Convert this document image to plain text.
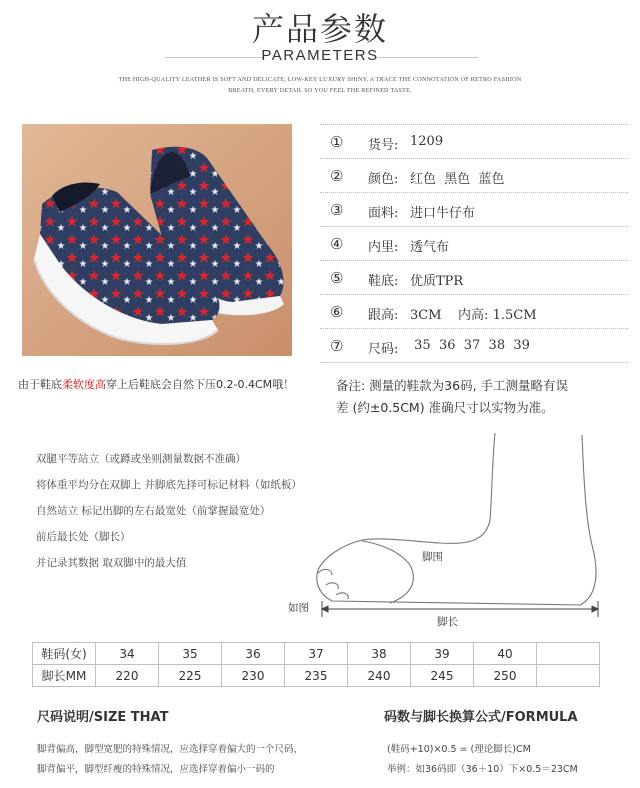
产品参数
PARAMETERS
THE HIGH-QUALITY LEATHER IS SOFT AND DELICATE, LOW-KEY LUXURY SHINY, A TRACE THE CONNOTATION OF RETRO FASHION
BREATH, EVERY DETAIL SO YOU FEEL THE REFINED TASTE.
① 货号: 1209
② 颜色: 红色  黑色  蓝色
③ 面料: 进口牛仔布
④ 内里: 透气布
⑤ 鞋底: 优质TPR
⑥ 跟高: 3CM    内高: 1.5CM
⑦ 尺码: 35  36  37  38  39
由于鞋底柔软度高穿上后鞋底会自然下压0.2-0.4CM哦！	备注: 测量的鞋款为36码, 手工测量略有误
差 (约±0.5CM) 准确尺寸以实物为准。
双腿平等站立（或蹲或坐则测量数据不准确）
将体重平均分在双脚上 并脚底先择可标记材料（如纸板）
自然站立 标记出脚的左右最宽处（前掌握最宽处）
前后最长处（脚长）
并记录其数据 取双脚中的最大值	脚围
如图
脚长
鞋码(女)	34	35	36	37	38	39	40	
脚长MM	220	225	230	235	240	245	250	
尺码说明/SIZE THAT
脚背偏高，脚型宽肥的特殊情况，应选择穿着偏大的一个尺码，
脚背偏平，脚型纤瘦的特殊情况，应选择穿着偏小一码的
码数与脚长换算公式/FORMULA
(鞋码+10)×0.5 = (理论脚长)CM
举例：如36码即（36＋10）下×0.5＝23CM
